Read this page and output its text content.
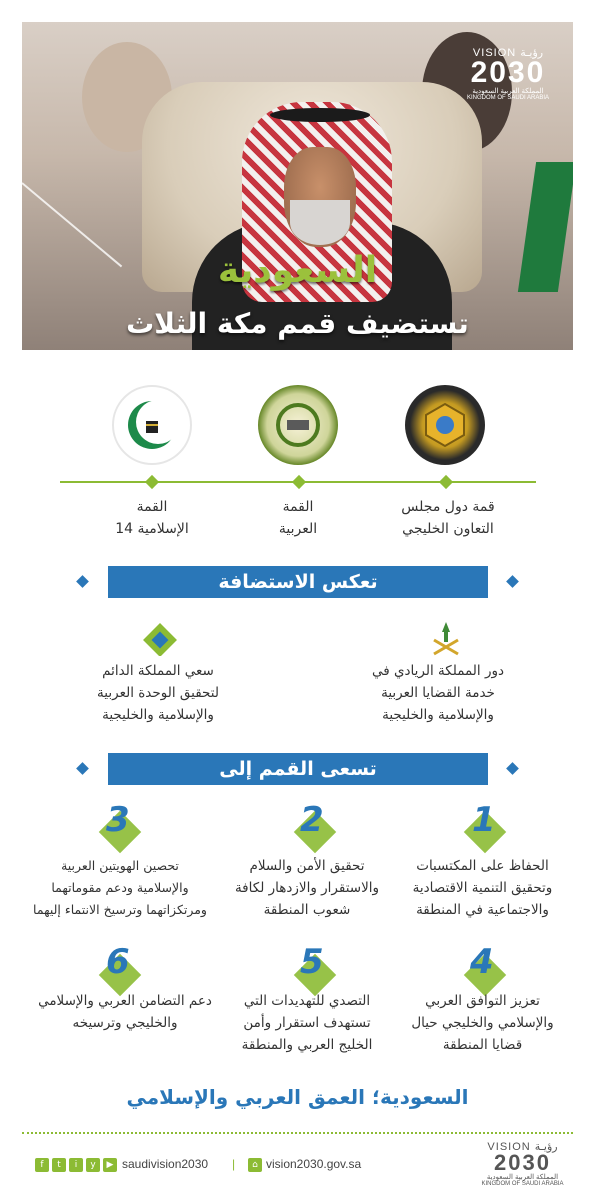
VISION رؤيـة
2030
المملكة العربية السعودية
KINGDOM OF SAUDI ARABIA
السعودية
تستضيف قمم مكة الثلاث
قمة دول مجلس
التعاون الخليجي
القمة
العربية
القمة
الإسلامية 14
تعكس الاستضافة
دور المملكة الريادي في
خدمة القضايا العربية
والإسلامية والخليجية
سعي المملكة الدائم
لتحقيق الوحدة العربية
والإسلامية والخليجية
تسعى القمم إلى
1
2
3
الحفاظ على المكتسبات
وتحقيق التنمية الاقتصادية
والاجتماعية في المنطقة
تحقيق الأمن والسلام
والاستقرار والازدهار لكافة
شعوب المنطقة
تحصين الهويتين العربية
والإسلامية ودعم مقوماتهما
ومرتكزاتهما وترسيخ الانتماء إليهما
4
5
6
تعزيز التوافق العربي
والإسلامي والخليجي حيال
قضايا المنطقة
التصدي للتهديدات التي
تستهدف استقرار وأمن
الخليج العربي والمنطقة
دعم التضامن العربي والإسلامي
والخليجي وترسيخه
السعودية؛ العمق العربي والإسلامي
f	t	i	y	▶ saudivision2030 |	⌂ vision2030.gov.sa
VISION رؤيـة
2030
المملكة العربية السعودية
KINGDOM OF SAUDI ARABIA
